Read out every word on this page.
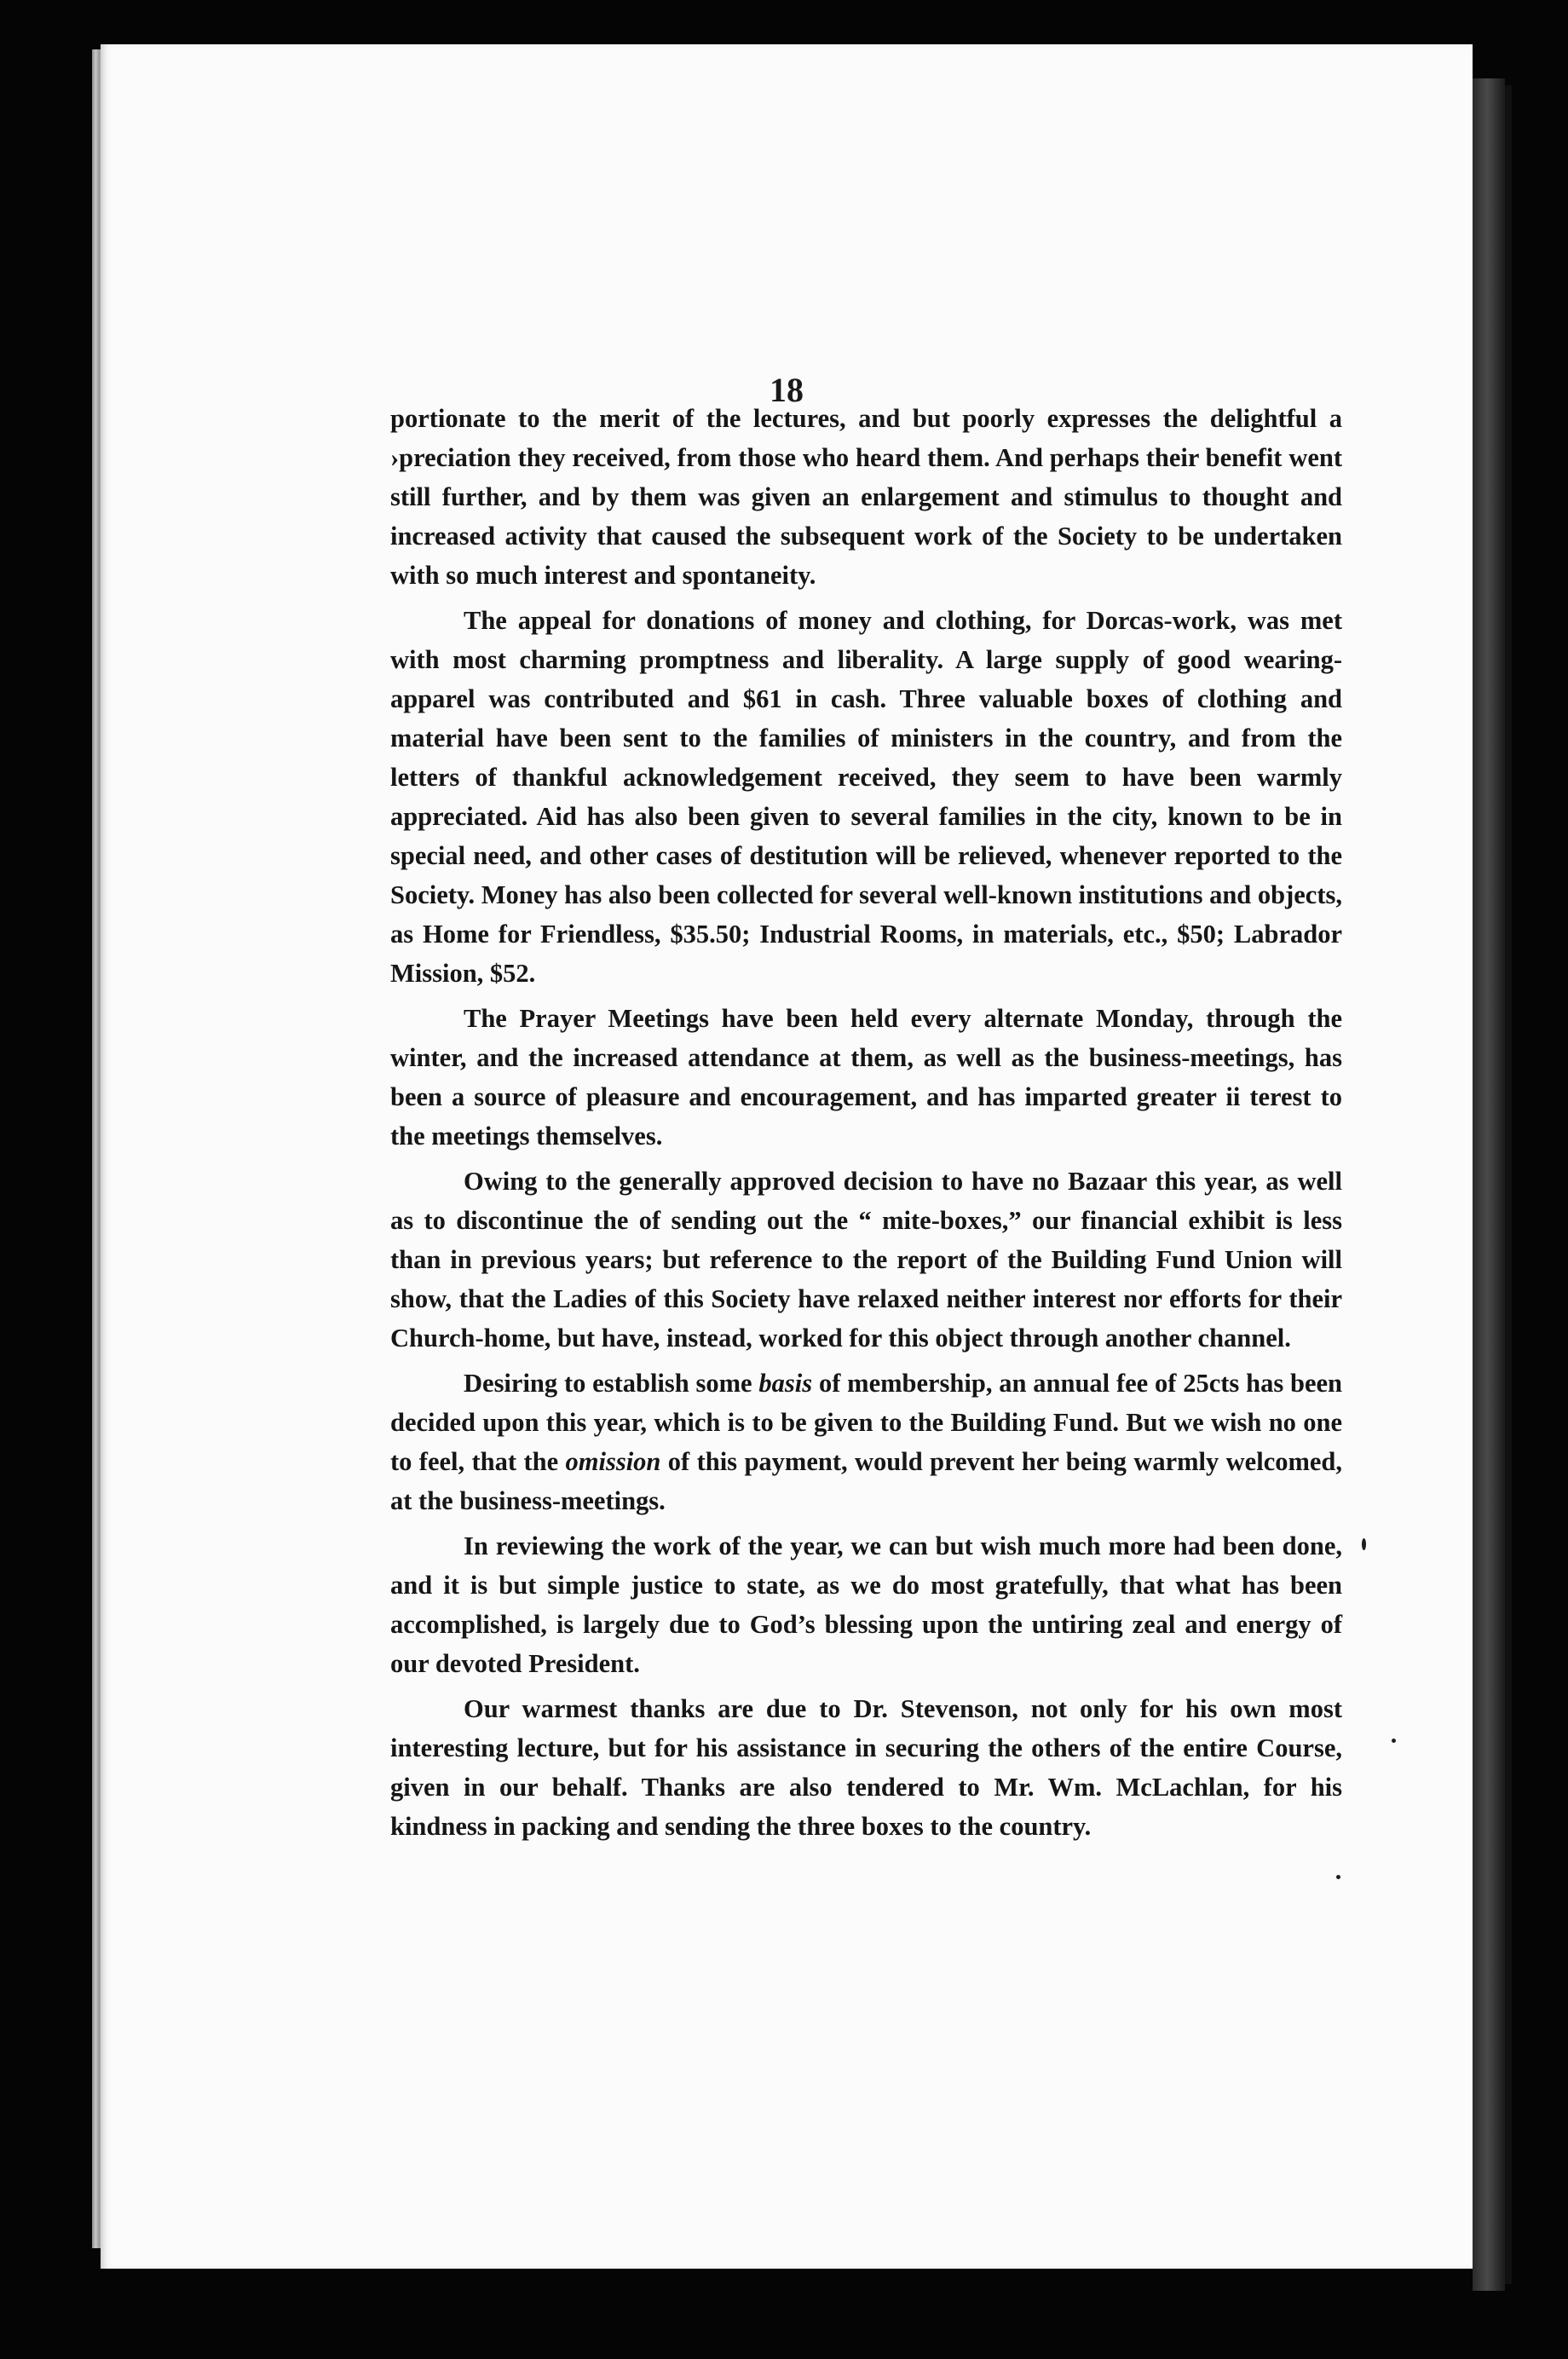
18

portionate to the merit of the lectures, and but poorly expresses the delightful a ›preciation they received, from those who heard them. And perhaps their benefit went still further, and by them was given an enlargement and stimulus to thought and increased activity that caused the subsequent work of the Society to be undertaken with so much interest and spontaneity.

The appeal for donations of money and clothing, for Dorcas-work, was met with most charming promptness and liberality. A large supply of good wearing-apparel was contributed and $61 in cash. Three valuable boxes of clothing and material have been sent to the families of ministers in the country, and from the letters of thankful acknowledgement received, they seem to have been warmly appreciated. Aid has also been given to several families in the city, known to be in special need, and other cases of destitution will be relieved, whenever reported to the Society. Money has also been collected for several well-known institutions and objects, as Home for Friendless, $35.50; Industrial Rooms, in materials, etc., $50; Labrador Mission, $52.

The Prayer Meetings have been held every alternate Monday, through the winter, and the increased attendance at them, as well as the business-meetings, has been a source of pleasure and encouragement, and has imparted greater ii terest to the meetings themselves.

Owing to the generally approved decision to have no Bazaar this year, as well as to discontinue the of sending out the “ mite-boxes,” our financial exhibit is less than in previous years; but reference to the report of the Building Fund Union will show, that the Ladies of this Society have relaxed neither interest nor efforts for their Church-home, but have, instead, worked for this object through another channel.

Desiring to establish some basis of membership, an annual fee of 25cts has been decided upon this year, which is to be given to the Building Fund. But we wish no one to feel, that the omission of this payment, would prevent her being warmly welcomed, at the business-meetings.

In reviewing the work of the year, we can but wish much more had been done, and it is but simple justice to state, as we do most gratefully, that what has been accomplished, is largely due to God’s blessing upon the untiring zeal and energy of our devoted President.

Our warmest thanks are due to Dr. Stevenson, not only for his own most interesting lecture, but for his assistance in securing the others of the entire Course, given in our behalf. Thanks are also tendered to Mr. Wm. McLachlan, for his kindness in packing and sending the three boxes to the country.
